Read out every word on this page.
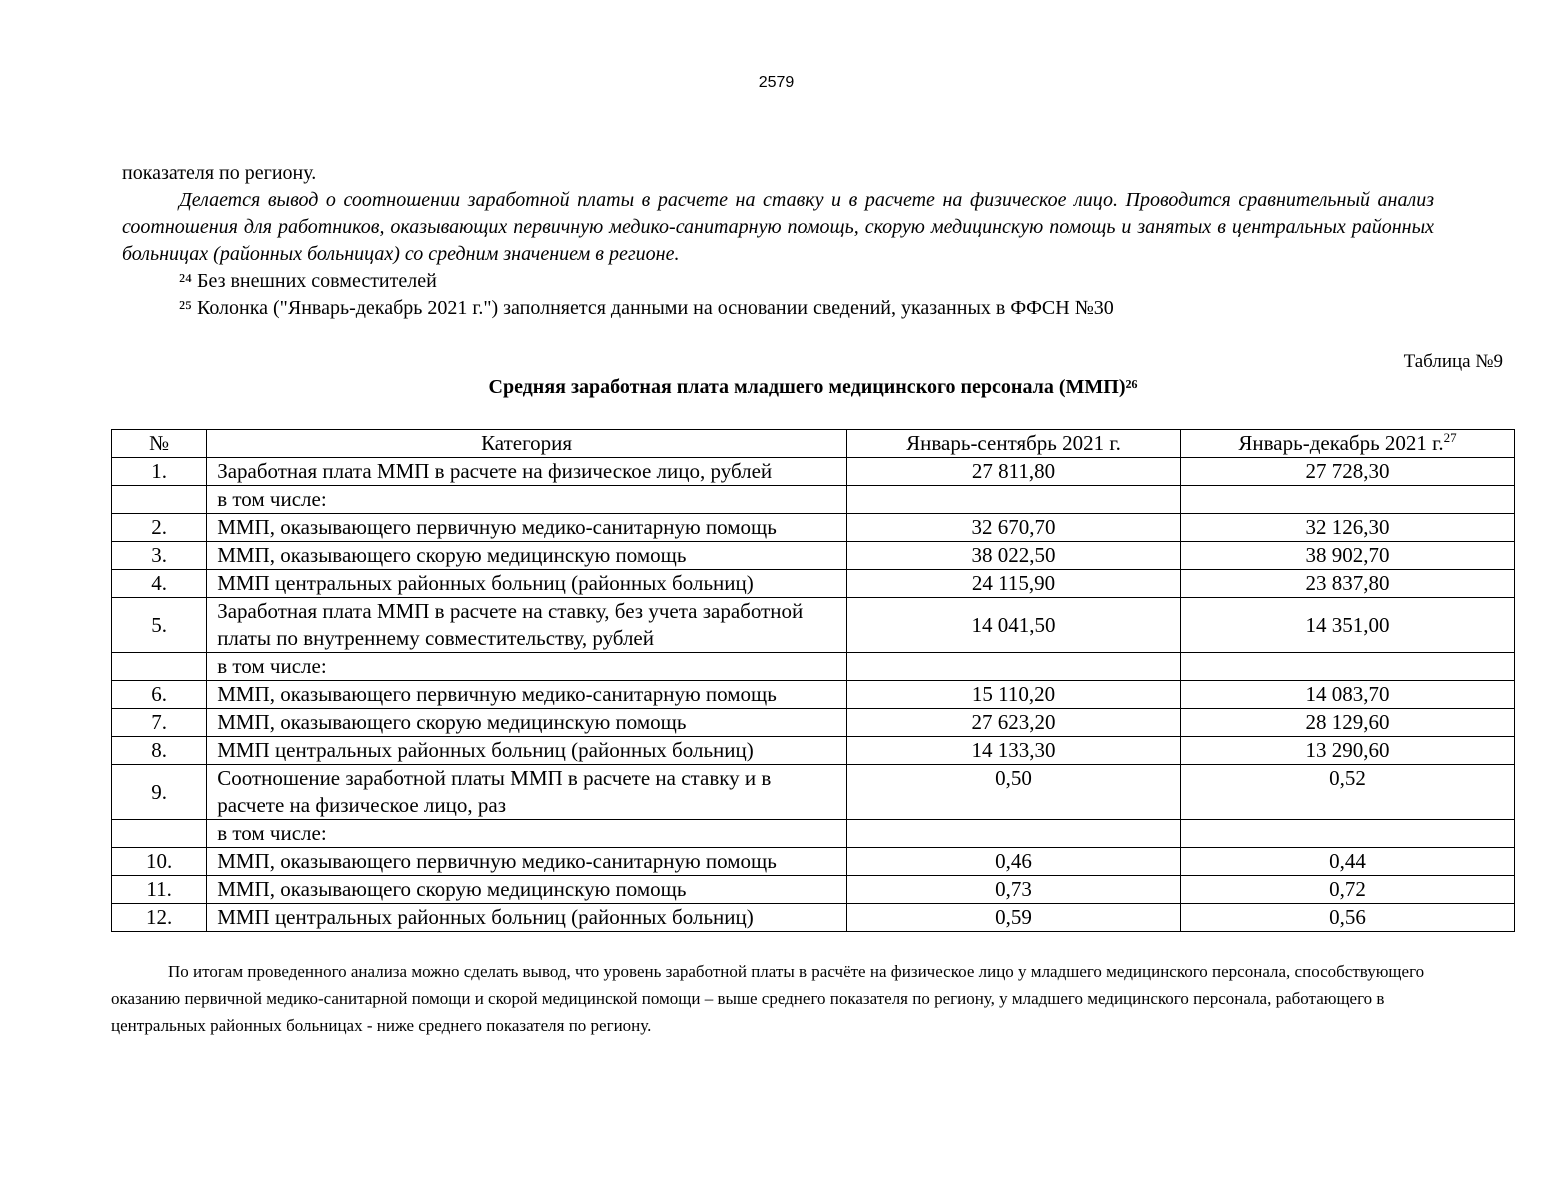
2579

показателя по региону.

Делается вывод о соотношении заработной платы в расчете на ставку и в расчете на физическое лицо. Проводится сравнительный анализ соотношения для работников, оказывающих первичную медико-санитарную помощь, скорую медицинскую помощь и занятых в центральных районных больницах (районных больницах) со средним значением в регионе.

²⁴ Без внешних совместителей

²⁵ Колонка ("Январь-декабрь 2021 г.") заполняется данными на основании сведений, указанных в ФФСН №30

Таблица №9
Средняя заработная плата младшего медицинского персонала (ММП)²⁶
№	Категория	Январь-сентябрь 2021 г.	Январь-декабрь 2021 г.$^{27}$
1.	Заработная плата ММП в расчете на физическое лицо, рублей	27 811,80	27 728,30
	в том числе:		
2.	ММП, оказывающего первичную медико-санитарную помощь	32 670,70	32 126,30
3.	ММП, оказывающего скорую медицинскую помощь	38 022,50	38 902,70
4.	ММП центральных районных больниц (районных больниц)	24 115,90	23 837,80
5.	Заработная плата ММП в расчете на ставку, без учета заработной платы по внутреннему совместительству, рублей	14 041,50	14 351,00
	в том числе:		
6.	ММП, оказывающего первичную медико-санитарную помощь	15 110,20	14 083,70
7.	ММП, оказывающего скорую медицинскую помощь	27 623,20	28 129,60
8.	ММП центральных районных больниц (районных больниц)	14 133,30	13 290,60
9.	Соотношение заработной платы ММП в расчете на ставку и в расчете на физическое лицо, раз	0,50	0,52
	в том числе:		
10.	ММП, оказывающего первичную медико-санитарную помощь	0,46	0,44
11.	ММП, оказывающего скорую медицинскую помощь	0,73	0,72
12.	ММП центральных районных больниц (районных больниц)	0,59	0,56

По итогам проведенного анализа можно сделать вывод, что уровень заработной платы в расчёте на физическое лицо у младшего медицинского персонала, способствующего оказанию первичной медико-санитарной помощи и скорой медицинской помощи – выше среднего показателя по региону, у младшего медицинского персонала, работающего в центральных районных больницах - ниже среднего показателя по региону.
